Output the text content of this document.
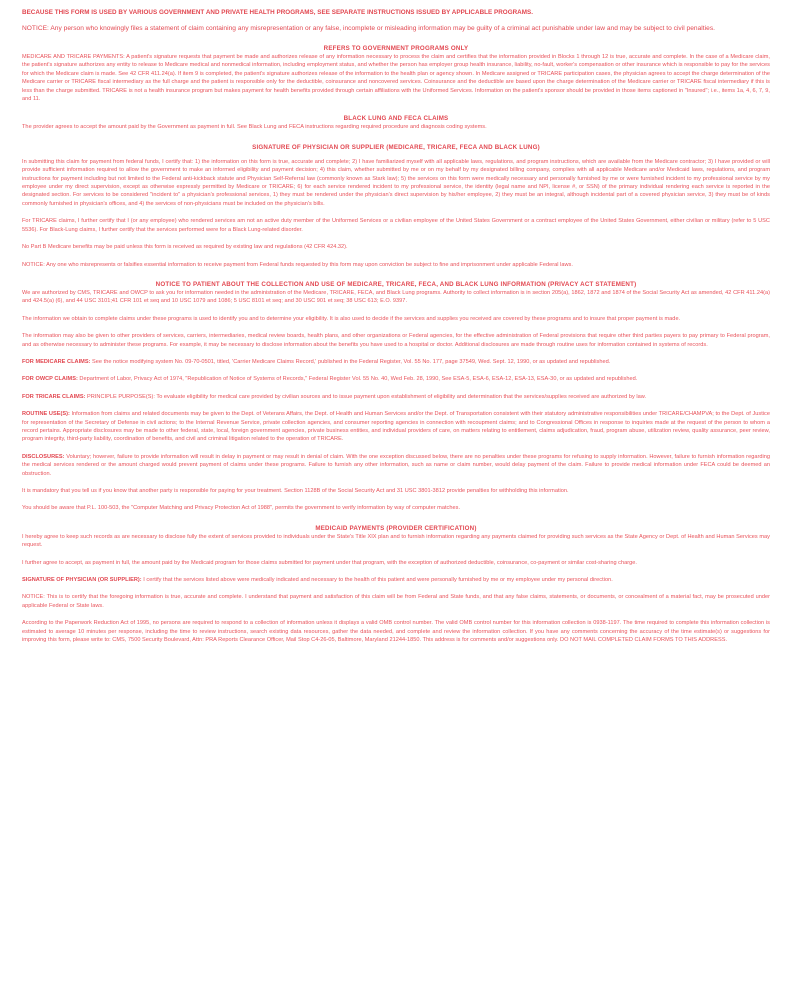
BECAUSE THIS FORM IS USED BY VARIOUS GOVERNMENT AND PRIVATE HEALTH PROGRAMS, SEE SEPARATE INSTRUCTIONS ISSUED BY APPLICABLE PROGRAMS.

NOTICE: Any person who knowingly files a statement of claim containing any misrepresentation or any false, incomplete or misleading information may be guilty of a criminal act punishable under law and may be subject to civil penalties.

REFERS TO GOVERNMENT PROGRAMS ONLY

MEDICARE AND TRICARE PAYMENTS: A patient's signature requests that payment be made and authorizes release of any information necessary to process the claim and certifies that the information provided in Blocks 1 through 12 is true, accurate and complete. In the case of a Medicare claim, the patient's signature authorizes any entity to release to Medicare medical and nonmedical information, including employment status, and whether the person has employer group health insurance, liability, no-fault, worker's compensation or other insurance which is responsible to pay for the services for which the Medicare claim is made. See 42 CFR 411.24(a). If item 9 is completed, the patient's signature authorizes release of the information to the health plan or agency shown. In Medicare assigned or TRICARE participation cases, the physician agrees to accept the charge determination of the Medicare carrier or TRICARE fiscal intermediary as the full charge and the patient is responsible only for the deductible, coinsurance and noncovered services. Coinsurance and the deductible are based upon the charge determination of the Medicare carrier or TRICARE fiscal intermediary if this is less than the charge submitted. TRICARE is not a health insurance program but makes payment for health benefits provided through certain affiliations with the Uniformed Services. Information on the patient's sponsor should be provided in those items captioned in "Insured"; i.e., items 1a, 4, 6, 7, 9, and 11.

BLACK LUNG AND FECA CLAIMS

The provider agrees to accept the amount paid by the Government as payment in full. See Black Lung and FECA instructions regarding required procedure and diagnosis coding systems.

SIGNATURE OF PHYSICIAN OR SUPPLIER (MEDICARE, TRICARE, FECA AND BLACK LUNG)

In submitting this claim for payment from federal funds, I certify that: 1) the information on this form is true, accurate and complete; 2) I have familiarized myself with all applicable laws, regulations, and program instructions, which are available from the Medicare contractor; 3) I have provided or will provide sufficient information required to allow the government to make an informed eligibility and payment decision; 4) this claim, whether submitted by me or on my behalf by my designated billing company, complies with all applicable Medicare and/or Medicaid laws, regulations, and program instructions for payment including but not limited to the Federal anti-kickback statute and Physician Self-Referral law (commonly known as Stark law); 5) the services on this form were medically necessary and personally furnished by me or were furnished incident to my professional service by my employee under my direct supervision, except as otherwise expressly permitted by Medicare or TRICARE; 6) for each service rendered incident to my professional service, the identity (legal name and NPI, license #, or SSN) of the primary individual rendering each service is reported in the designated section. For services to be considered "incident to" a physician's professional services, 1) they must be rendered under the physician's direct supervision by his/her employee, 2) they must be an integral, although incidental part of a covered physician service, 3) they must be of kinds commonly furnished in physician's offices, and 4) the services of non-physicians must be included on the physician's bills.

For TRICARE claims, I further certify that I (or any employee) who rendered services am not an active duty member of the Uniformed Services or a civilian employee of the United States Government or a contract employee of the United States Government, either civilian or military (refer to 5 USC 5536). For Black-Lung claims, I further certify that the services performed were for a Black Lung-related disorder.

No Part B Medicare benefits may be paid unless this form is received as required by existing law and regulations (42 CFR 424.32).

NOTICE: Any one who misrepresents or falsifies essential information to receive payment from Federal funds requested by this form may upon conviction be subject to fine and imprisonment under applicable Federal laws.

NOTICE TO PATIENT ABOUT THE COLLECTION AND USE OF MEDICARE, TRICARE, FECA, AND BLACK LUNG INFORMATION (PRIVACY ACT STATEMENT)

We are authorized by CMS, TRICARE and OWCP to ask you for information needed in the administration of the Medicare, TRICARE, FECA, and Black Lung programs. Authority to collect information is in section 205(a), 1862, 1872 and 1874 of the Social Security Act as amended, 42 CFR 411.24(a) and 424.5(a) (6), and 44 USC 3101;41 CFR 101 et seq and 10 USC 1079 and 1086; 5 USC 8101 et seq; and 30 USC 901 et seq; 38 USC 613; E.O. 9397.

The information we obtain to complete claims under these programs is used to identify you and to determine your eligibility. It is also used to decide if the services and supplies you received are covered by these programs and to insure that proper payment is made.

The information may also be given to other providers of services, carriers, intermediaries, medical review boards, health plans, and other organizations or Federal agencies, for the effective administration of Federal provisions that require other third parties payers to pay primary to Federal program, and as otherwise necessary to administer these programs. For example, it may be necessary to disclose information about the benefits you have used to a hospital or doctor. Additional disclosures are made through routine uses for information contained in systems of records.

FOR MEDICARE CLAIMS: See the notice modifying system No. 09-70-0501, titled, 'Carrier Medicare Claims Record,' published in the Federal Register, Vol. 55 No. 177, page 37549, Wed. Sept. 12, 1990, or as updated and republished.

FOR OWCP CLAIMS: Department of Labor, Privacy Act of 1974, "Republication of Notice of Systems of Records," Federal Register Vol. 55 No. 40, Wed Feb. 28, 1990, See ESA-5, ESA-6, ESA-12, ESA-13, ESA-30, or as updated and republished.

FOR TRICARE CLAIMS: PRINCIPLE PURPOSE(S): To evaluate eligibility for medical care provided by civilian sources and to issue payment upon establishment of eligibility and determination that the services/supplies received are authorized by law.

ROUTINE USE(S): Information from claims and related documents may be given to the Dept. of Veterans Affairs, the Dept. of Health and Human Services and/or the Dept. of Transportation consistent with their statutory administrative responsibilities under TRICARE/CHAMPVA; to the Dept. of Justice for representation of the Secretary of Defense in civil actions; to the Internal Revenue Service, private collection agencies, and consumer reporting agencies in connection with recoupment claims; and to Congressional Offices in response to inquiries made at the request of the person to whom a record pertains. Appropriate disclosures may be made to other federal, state, local, foreign government agencies, private business entities, and individual providers of care, on matters relating to entitlement, claims adjudication, fraud, program abuse, utilization review, quality assurance, peer review, program integrity, third-party liability, coordination of benefits, and civil and criminal litigation related to the operation of TRICARE.

DISCLOSURES: Voluntary; however, failure to provide information will result in delay in payment or may result in denial of claim. With the one exception discussed below, there are no penalties under these programs for refusing to supply information. However, failure to furnish information regarding the medical services rendered or the amount charged would prevent payment of claims under these programs. Failure to furnish any other information, such as name or claim number, would delay payment of the claim. Failure to provide medical information under FECA could be deemed an obstruction.

It is mandatory that you tell us if you know that another party is responsible for paying for your treatment. Section 1128B of the Social Security Act and 31 USC 3801-3812 provide penalties for withholding this information.

You should be aware that P.L. 100-503, the "Computer Matching and Privacy Protection Act of 1988", permits the government to verify information by way of computer matches.

MEDICAID PAYMENTS (PROVIDER CERTIFICATION)

I hereby agree to keep such records as are necessary to disclose fully the extent of services provided to individuals under the State's Title XIX plan and to furnish information regarding any payments claimed for providing such services as the State Agency or Dept. of Health and Human Services may request.

I further agree to accept, as payment in full, the amount paid by the Medicaid program for those claims submitted for payment under that program, with the exception of authorized deductible, coinsurance, co-payment or similar cost-sharing charge.

SIGNATURE OF PHYSICIAN (OR SUPPLIER): I certify that the services listed above were medically indicated and necessary to the health of this patient and were personally furnished by me or my employee under my personal direction.

NOTICE: This is to certify that the foregoing information is true, accurate and complete. I understand that payment and satisfaction of this claim will be from Federal and State funds, and that any false claims, statements, or documents, or concealment of a material fact, may be prosecuted under applicable Federal or State laws.

According to the Paperwork Reduction Act of 1995, no persons are required to respond to a collection of information unless it displays a valid OMB control number. The valid OMB control number for this information collection is 0938-1197. The time required to complete this information collection is estimated to average 10 minutes per response, including the time to review instructions, search existing data resources, gather the data needed, and complete and review the information collection. If you have any comments concerning the accuracy of the time estimate(s) or suggestions for improving this form, please write to: CMS, 7500 Security Boulevard, Attn: PRA Reports Clearance Officer, Mail Stop C4-26-05, Baltimore, Maryland 21244-1850. This address is for comments and/or suggestions only. DO NOT MAIL COMPLETED CLAIM FORMS TO THIS ADDRESS.
